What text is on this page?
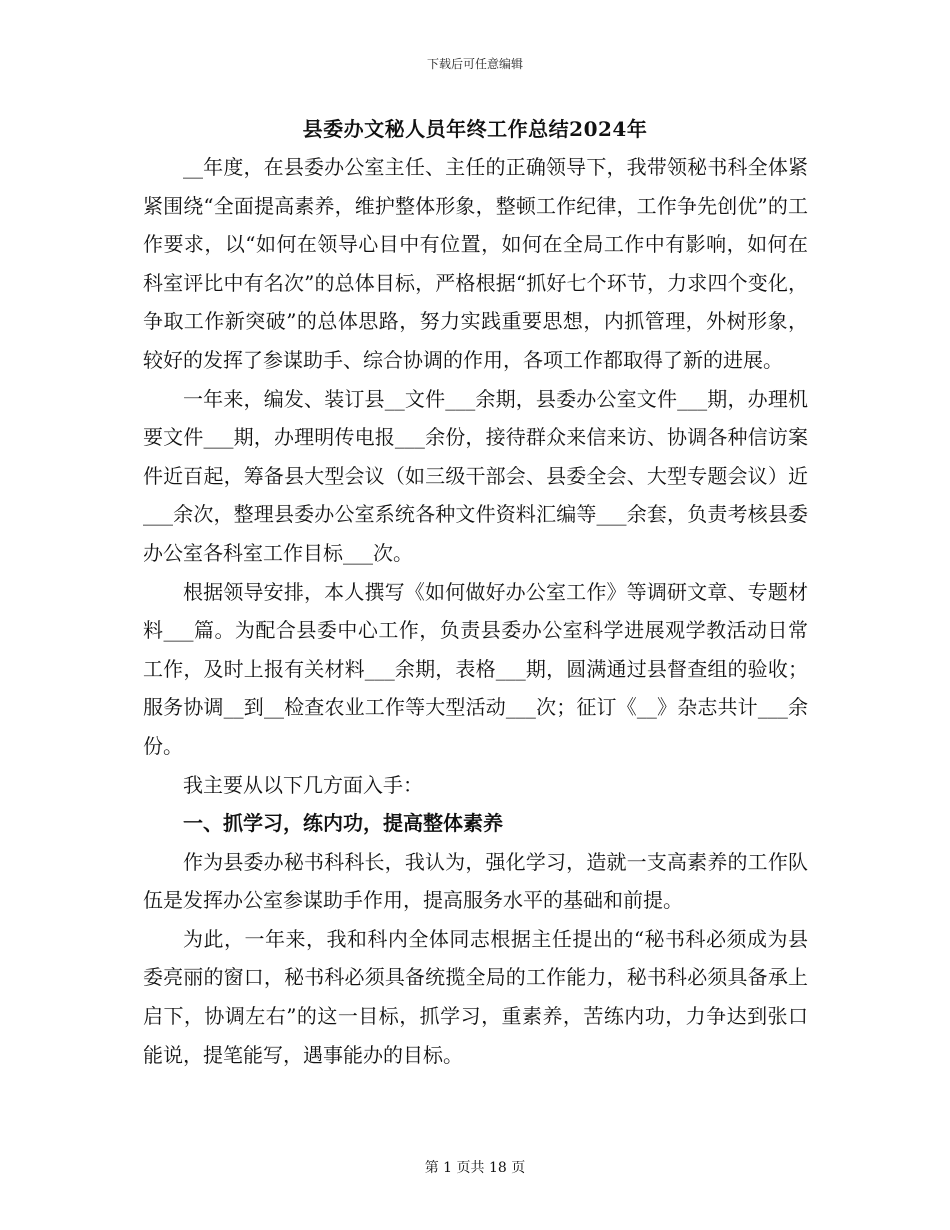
下载后可任意编辑
县委办文秘人员年终工作总结2024年

__年度，在县委办公室主任、主任的正确领导下，我带领秘书科全体紧紧围绕“全面提高素养，维护整体形象，整顿工作纪律，工作争先创优”的工作要求，以“如何在领导心目中有位置，如何在全局工作中有影响，如何在科室评比中有名次”的总体目标，严格根据“抓好七个环节，力求四个变化，争取工作新突破”的总体思路，努力实践重要思想，内抓管理，外树形象，较好的发挥了参谋助手、综合协调的作用，各项工作都取得了新的进展。

一年来，编发、装订县__文件___余期，县委办公室文件___期，办理机要文件___期，办理明传电报___余份，接待群众来信来访、协调各种信访案件近百起，筹备县大型会议（如三级干部会、县委全会、大型专题会议）近___余次，整理县委办公室系统各种文件资料汇编等___余套，负责考核县委办公室各科室工作目标___次。

根据领导安排，本人撰写《如何做好办公室工作》等调研文章、专题材料___篇。为配合县委中心工作，负责县委办公室科学进展观学教活动日常工作，及时上报有关材料___余期，表格___期，圆满通过县督查组的验收；服务协调__到__检查农业工作等大型活动___次；征订《__》杂志共计___余份。

我主要从以下几方面入手：

一、抓学习，练内功，提高整体素养

作为县委办秘书科科长，我认为，强化学习，造就一支高素养的工作队伍是发挥办公室参谋助手作用，提高服务水平的基础和前提。

为此，一年来，我和科内全体同志根据主任提出的“秘书科必须成为县委亮丽的窗口，秘书科必须具备统揽全局的工作能力，秘书科必须具备承上启下，协调左右”的这一目标，抓学习，重素养，苦练内功，力争达到张口能说，提笔能写，遇事能办的目标。

第 1 页共 18 页
